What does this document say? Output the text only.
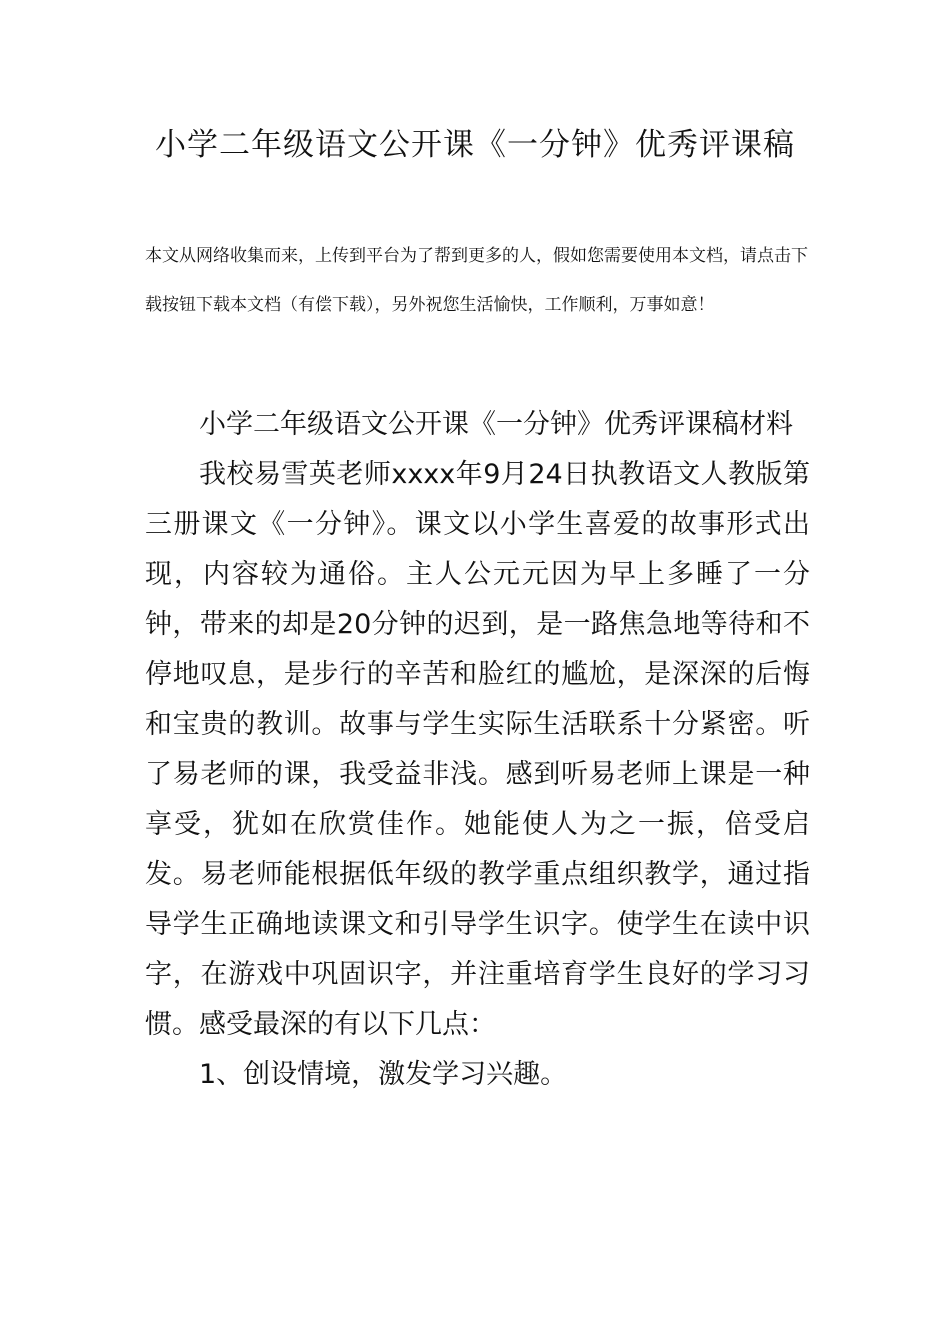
小学二年级语文公开课《一分钟》优秀评课稿
本文从网络收集而来，上传到平台为了帮到更多的人，假如您需要使用本文档，请点击下载按钮下载本文档（有偿下载），另外祝您生活愉快，工作顺利，万事如意！

小学二年级语文公开课《一分钟》优秀评课稿材料

我校易雪英老师xxxx年9月24日执教语文人教版第三册课文《一分钟》。课文以小学生喜爱的故事形式出现，内容较为通俗。主人公元元因为早上多睡了一分钟，带来的却是20分钟的迟到，是一路焦急地等待和不停地叹息，是步行的辛苦和脸红的尴尬，是深深的后悔和宝贵的教训。故事与学生实际生活联系十分紧密。听了易老师的课，我受益非浅。感到听易老师上课是一种享受，犹如在欣赏佳作。她能使人为之一振，倍受启发。易老师能根据低年级的教学重点组织教学，通过指导学生正确地读课文和引导学生识字。使学生在读中识字，在游戏中巩固识字，并注重培育学生良好的学习习惯。感受最深的有以下几点：

1、创设情境，激发学习兴趣。
